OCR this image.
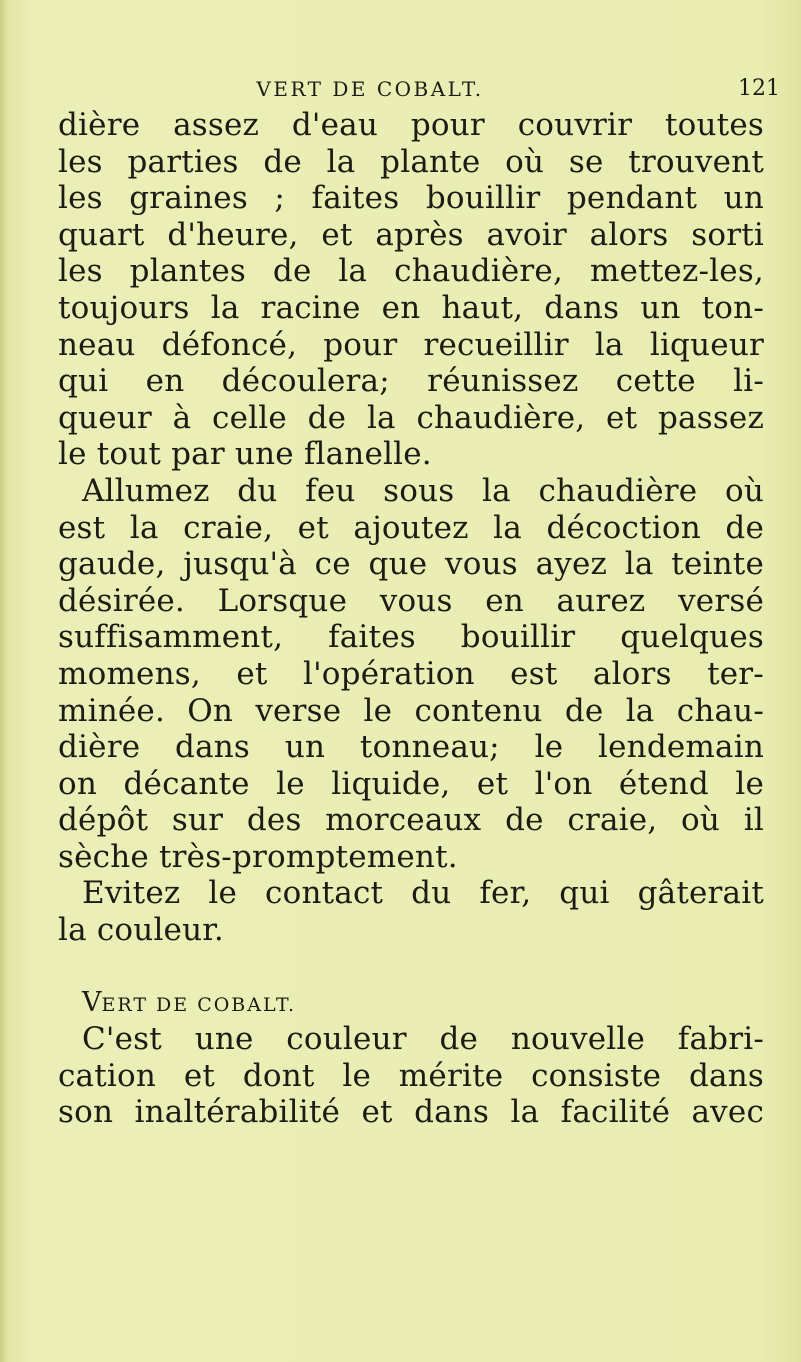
VERT DE COBALT.	121
dière assez d'eau pour couvrir toutes
les parties de la plante où se trouvent
les graines ; faites bouillir pendant un
quart d'heure, et après avoir alors sorti
les plantes de la chaudière, mettez-les,
toujours la racine en haut, dans un ton-
neau défoncé, pour recueillir la liqueur
qui en découlera; réunissez cette li-
queur à celle de la chaudière, et passez
le tout par une flanelle.
Allumez du feu sous la chaudière où
est la craie, et ajoutez la décoction de
gaude, jusqu'à ce que vous ayez la teinte
désirée. Lorsque vous en aurez versé
suffisamment, faites bouillir quelques
momens, et l'opération est alors ter-
minée. On verse le contenu de la chau-
dière dans un tonneau; le lendemain
on décante le liquide, et l'on étend le
dépôt sur des morceaux de craie, où il
sèche très-promptement.
Evitez le contact du fer, qui gâterait
la couleur.
VERT DE COBALT.
C'est une couleur de nouvelle fabri-
cation et dont le mérite consiste dans
son inaltérabilité et dans la facilité avec
